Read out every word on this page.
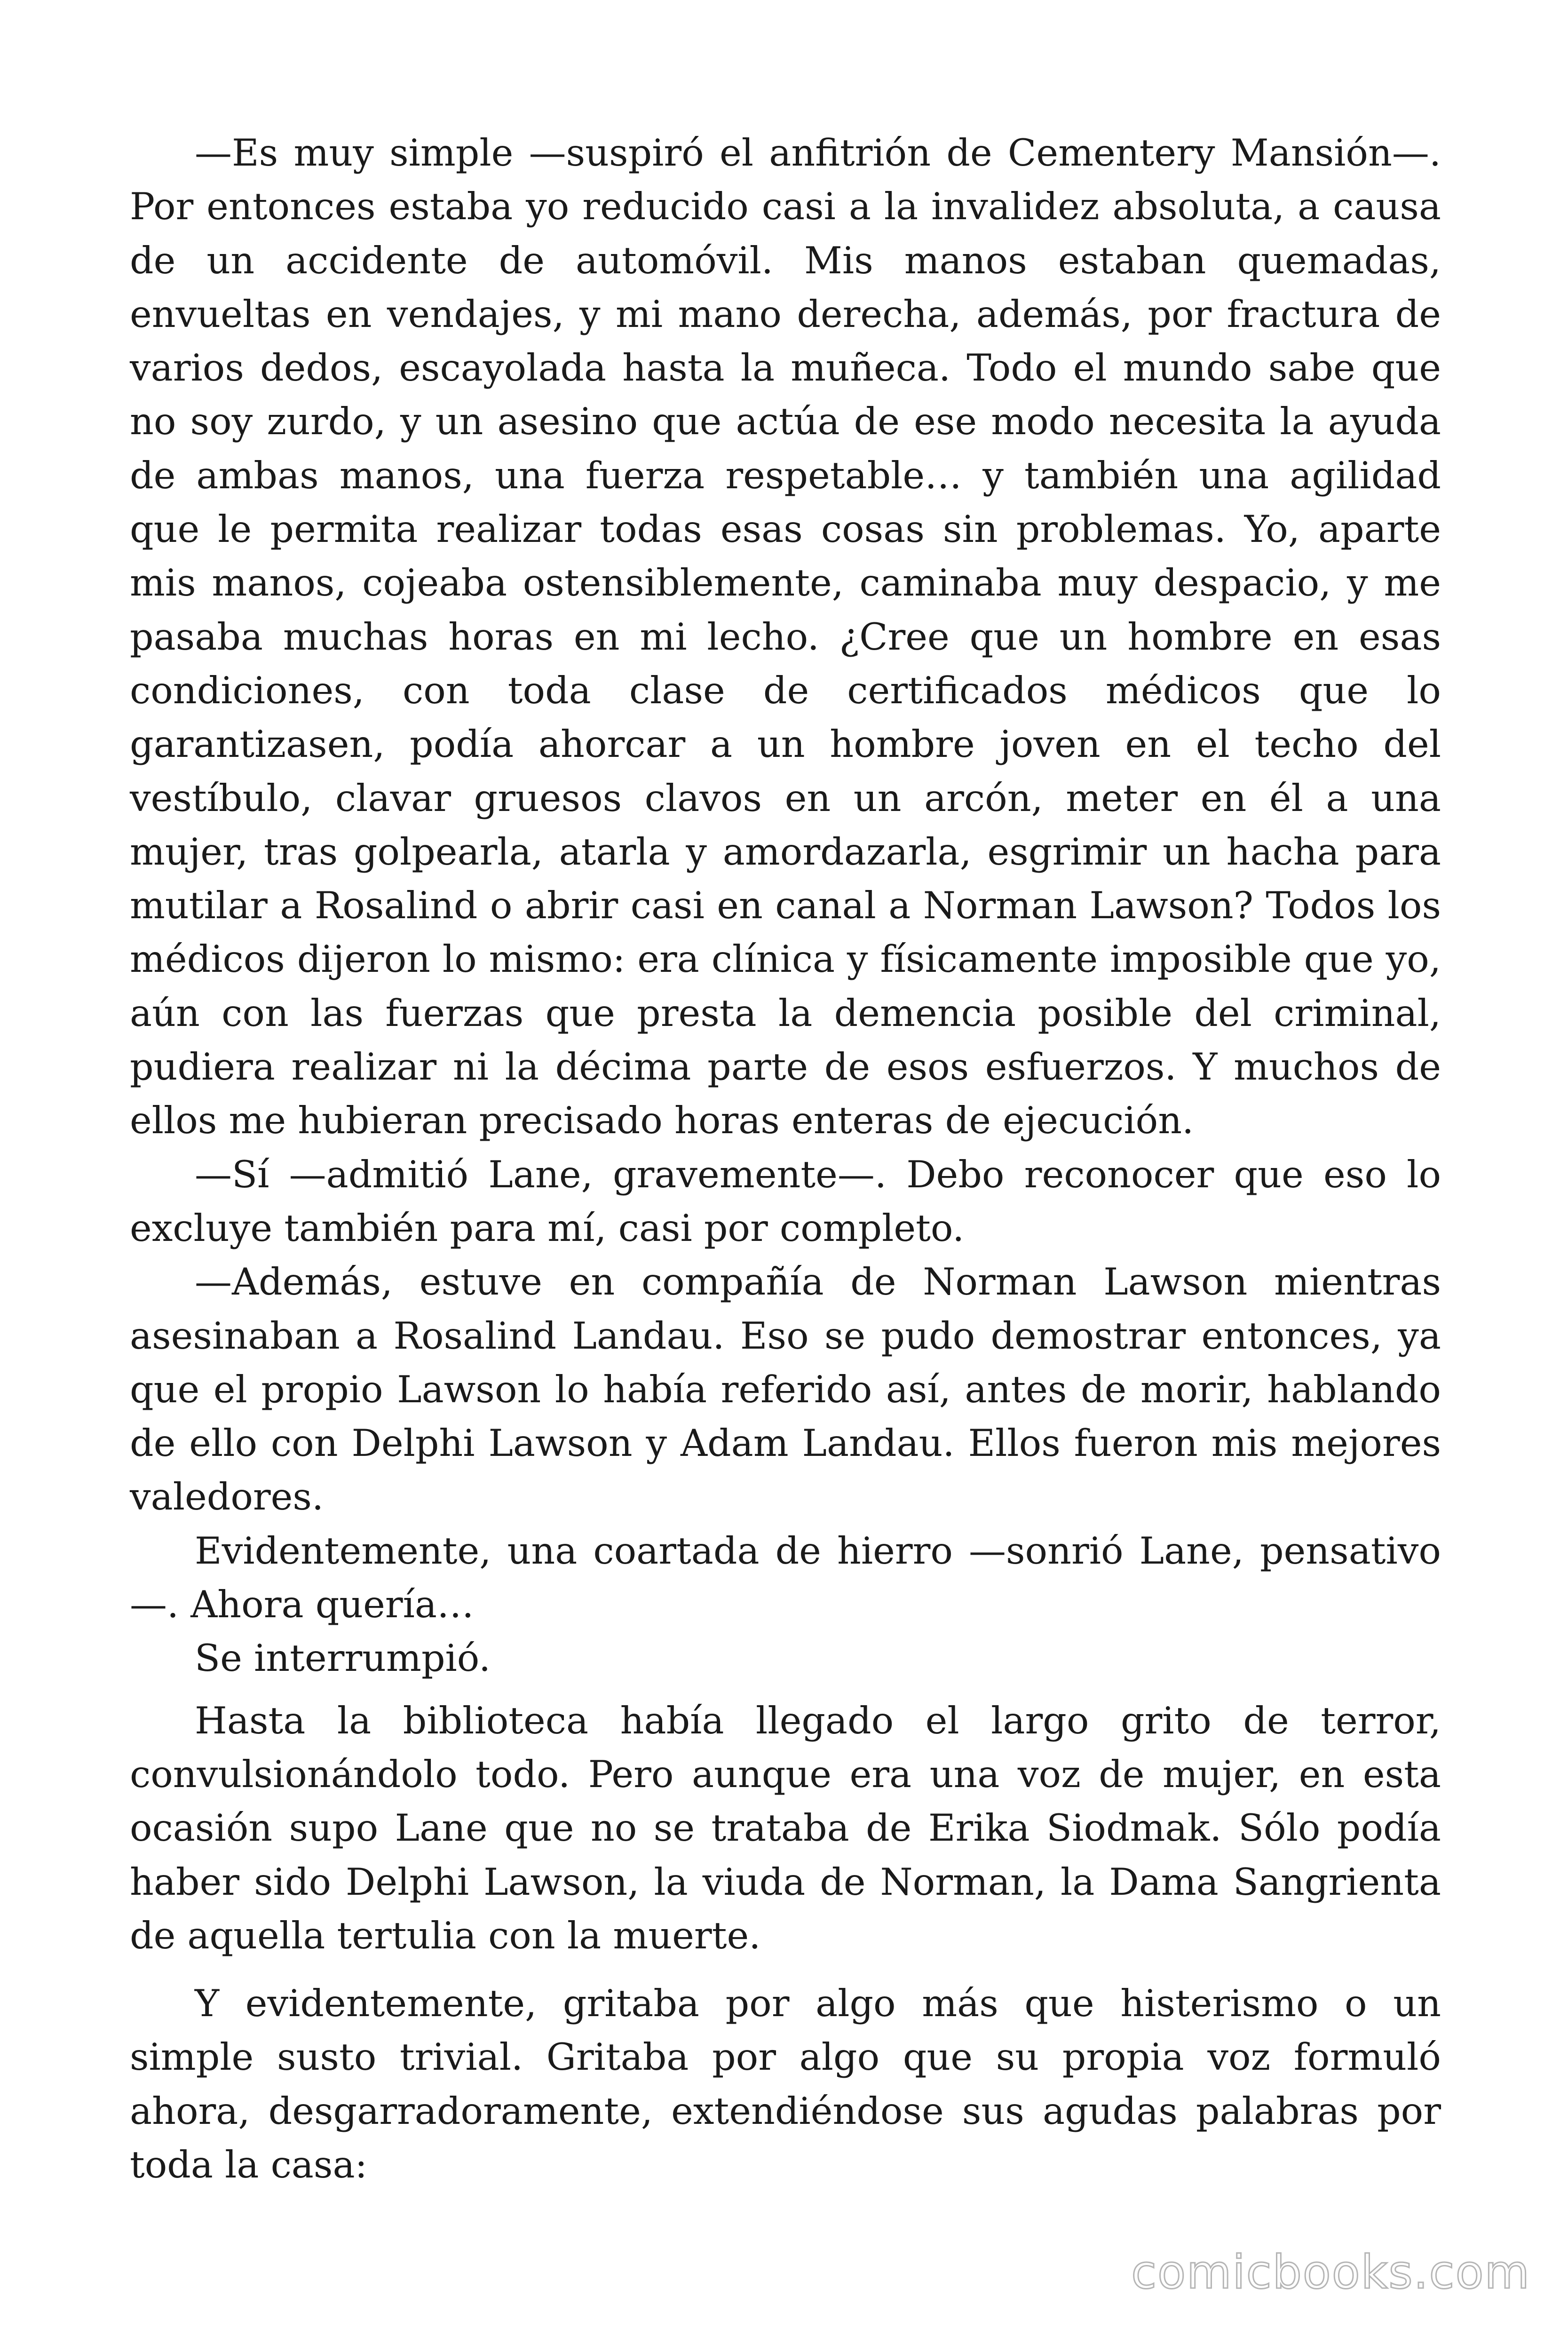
—Es muy simple —suspiró el anfitrión de Cementery Mansión—. Por entonces estaba yo reducido casi a la invalidez absoluta, a causa de un accidente de automóvil. Mis manos estaban quemadas, envueltas en vendajes, y mi mano derecha, además, por fractura de varios dedos, escayolada hasta la muñeca. Todo el mundo sabe que no soy zurdo, y un asesino que actúa de ese modo necesita la ayuda de ambas manos, una fuerza respetable… y también una agilidad que le permita realizar todas esas cosas sin problemas. Yo, aparte mis manos, cojeaba ostensiblemente, caminaba muy despacio, y me pasaba muchas horas en mi lecho. ¿Cree que un hombre en esas condiciones, con toda clase de certificados médicos que lo garantizasen, podía ahorcar a un hombre joven en el techo del vestíbulo, clavar gruesos clavos en un arcón, meter en él a una mujer, tras golpearla, atarla y amordazarla, esgrimir un hacha para mutilar a Rosalind o abrir casi en canal a Norman Lawson? Todos los médicos dijeron lo mismo: era clínica y físicamente imposible que yo, aún con las fuerzas que presta la demencia posible del criminal, pudiera realizar ni la décima parte de esos esfuerzos. Y muchos de ellos me hubieran precisado horas enteras de ejecución.

—Sí —admitió Lane, gravemente—. Debo reconocer que eso lo excluye también para mí, casi por completo.

—Además, estuve en compañía de Norman Lawson mientras asesinaban a Rosalind Landau. Eso se pudo demostrar entonces, ya que el propio Lawson lo había referido así, antes de morir, hablando de ello con Delphi Lawson y Adam Landau. Ellos fueron mis mejores valedores.

Evidentemente, una coartada de hierro —sonrió Lane, pensativo —. Ahora quería…

Se interrumpió.

Hasta la biblioteca había llegado el largo grito de terror, convulsionándolo todo. Pero aunque era una voz de mujer, en esta ocasión supo Lane que no se trataba de Erika Siodmak. Sólo podía haber sido Delphi Lawson, la viuda de Norman, la Dama Sangrienta de aquella tertulia con la muerte.

Y evidentemente, gritaba por algo más que histerismo o un simple susto trivial. Gritaba por algo que su propia voz formuló ahora, desgarradoramente, extendiéndose sus agudas palabras por toda la casa:

comicbooks.com
